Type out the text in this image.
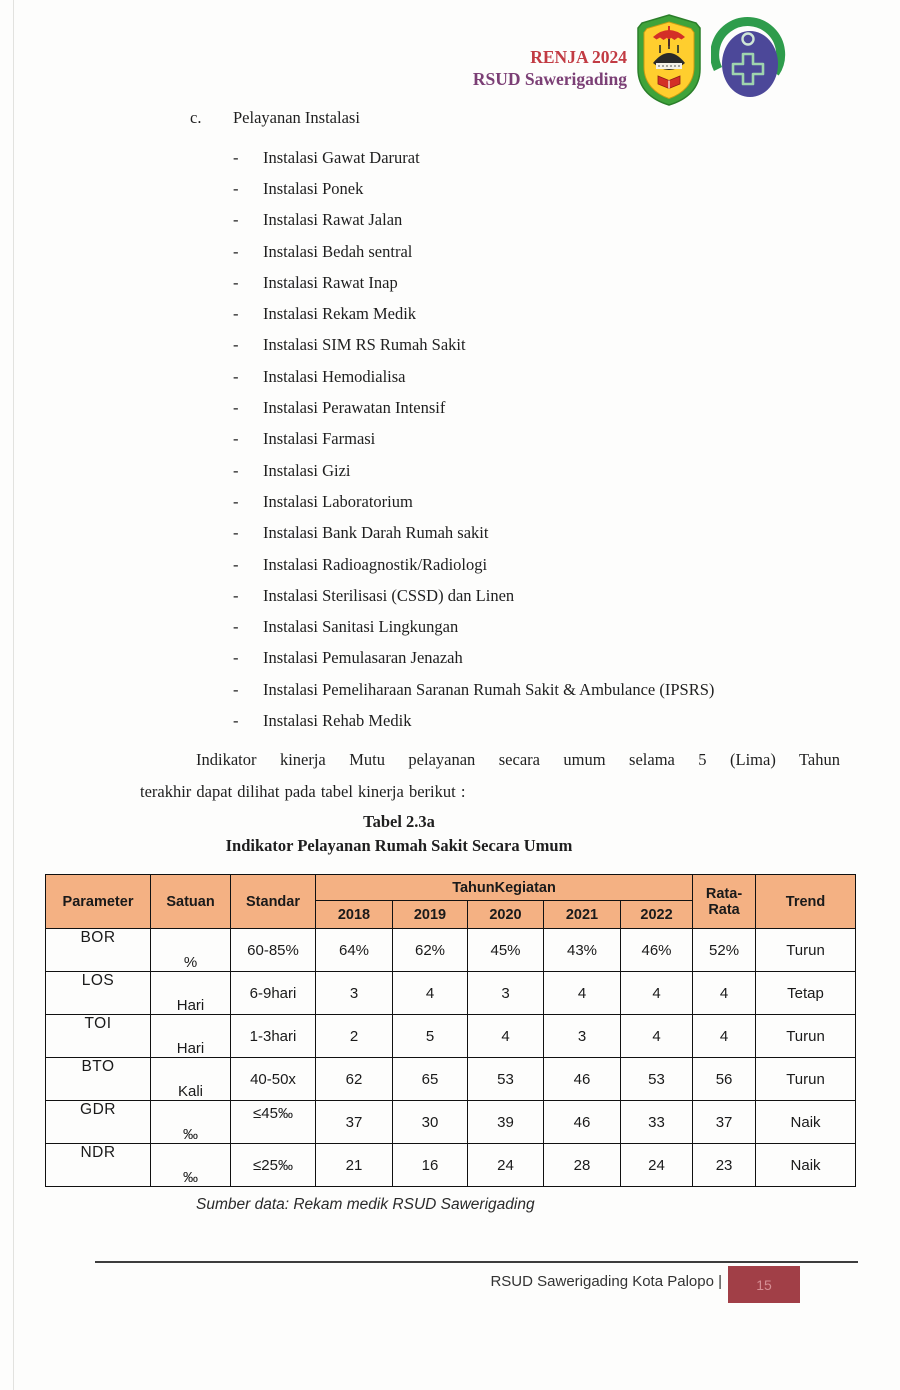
RENJA 2024
RSUD Sawerigading
c.	Pelayanan Instalasi
-	Instalasi Gawat Darurat
-	Instalasi Ponek
-	Instalasi Rawat Jalan
-	Instalasi Bedah sentral
-	Instalasi Rawat Inap
-	Instalasi Rekam Medik
-	Instalasi SIM RS Rumah Sakit
-	Instalasi Hemodialisa
-	Instalasi Perawatan Intensif
-	Instalasi Farmasi
-	Instalasi Gizi
-	Instalasi Laboratorium
-	Instalasi Bank Darah Rumah sakit
-	Instalasi Radioagnostik/Radiologi
-	Instalasi Sterilisasi (CSSD) dan Linen
-	Instalasi Sanitasi Lingkungan
-	Instalasi Pemulasaran Jenazah
-	Instalasi Pemeliharaan Saranan Rumah Sakit & Ambulance (IPSRS)
-	Instalasi Rehab Medik
Indikator kinerja Mutu pelayanan secara umum selama 5 (Lima) Tahun
terakhir dapat dilihat pada tabel kinerja berikut :
Tabel 2.3a
Indikator Pelayanan Rumah Sakit Secara Umum
Parameter	Satuan	Standar	TahunKegiatan					Rata-Rata	Trend
			2018	2019	2020	2021	2022		
BOR	%	60-85%	64%	62%	45%	43%	46%	52%	Turun
LOS	Hari	6-9hari	3	4	3	4	4	4	Tetap
TOI	Hari	1-3hari	2	5	4	3	4	4	Turun
BTO	Kali	40-50x	62	65	53	46	53	56	Turun
GDR	‰	≤45‰	37	30	39	46	33	37	Naik
NDR	‰	≤25‰	21	16	24	28	24	23	Naik
Sumber data: Rekam medik RSUD Sawerigading
RSUD Sawerigading Kota Palopo | 15
